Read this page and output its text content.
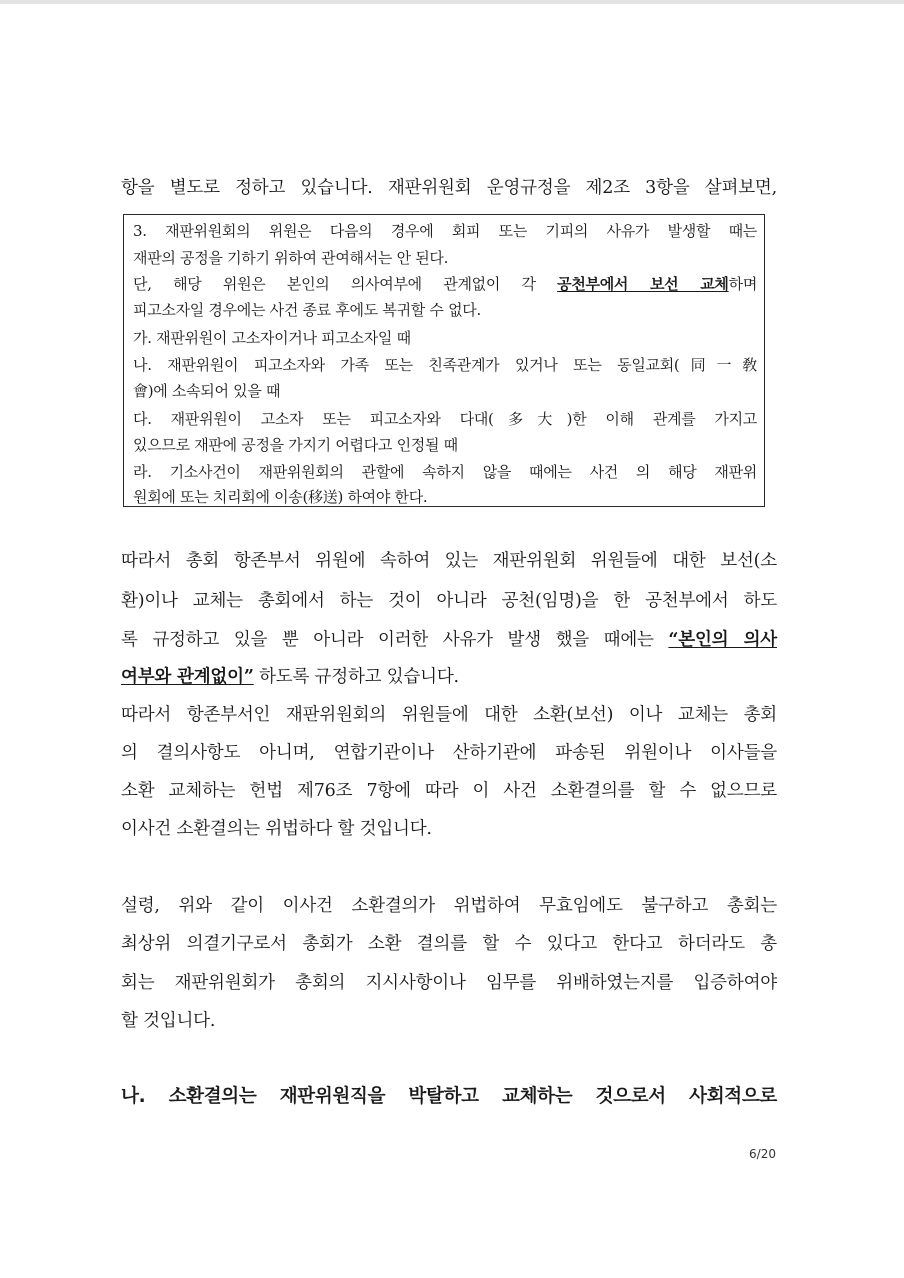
항을 별도로 정하고 있습니다. 재판위원회 운영규정을 제2조 3항을 살펴보면,

3. 재판위원회의 위원은 다음의 경우에 회피 또는 기피의 사유가 발생할 때는

재판의 공정을 기하기 위하여 관여해서는 안 된다.

단, 해당 위원은 본인의 의사여부에 관계없이 각 공천부에서 보선 교체하며

피고소자일 경우에는 사건 종료 후에도 복귀할 수 없다.

가. 재판위원이 고소자이거나 피고소자일 때

나. 재판위원이 피고소자와 가족 또는 친족관계가 있거나 또는 동일교회(同一敎

會)에 소속되어 있을 때

다. 재판위원이 고소자 또는 피고소자와 다대(多大)한 이해 관계를 가지고

있으므로 재판에 공정을 가지기 어렵다고 인정될 때

라. 기소사건이 재판위원회의 관할에 속하지 않을 때에는 사건 의 해당 재판위

원회에 또는 치리회에 이송(移送) 하여야 한다.

따라서 총회 항존부서 위원에 속하여 있는 재판위원회 위원들에 대한 보선(소

환)이나 교체는 총회에서 하는 것이 아니라 공천(임명)을 한 공천부에서 하도

록 규정하고 있을 뿐 아니라 이러한 사유가 발생 했을 때에는 “본인의 의사

여부와 관계없이” 하도록 규정하고 있습니다.

따라서 항존부서인 재판위원회의 위원들에 대한 소환(보선) 이나 교체는 총회

의 결의사항도 아니며, 연합기관이나 산하기관에 파송된 위원이나 이사들을

소환 교체하는 헌법 제76조 7항에 따라 이 사건 소환결의를 할 수 없으므로

이사건 소환결의는 위법하다 할 것입니다.

설령, 위와 같이 이사건 소환결의가 위법하여 무효임에도 불구하고 총회는

최상위 의결기구로서 총회가 소환 결의를 할 수 있다고 한다고 하더라도 총

회는 재판위원회가 총회의 지시사항이나 임무를 위배하였는지를 입증하여야

할 것입니다.

나. 소환결의는 재판위원직을 박탈하고 교체하는 것으로서 사회적으로

6/20
